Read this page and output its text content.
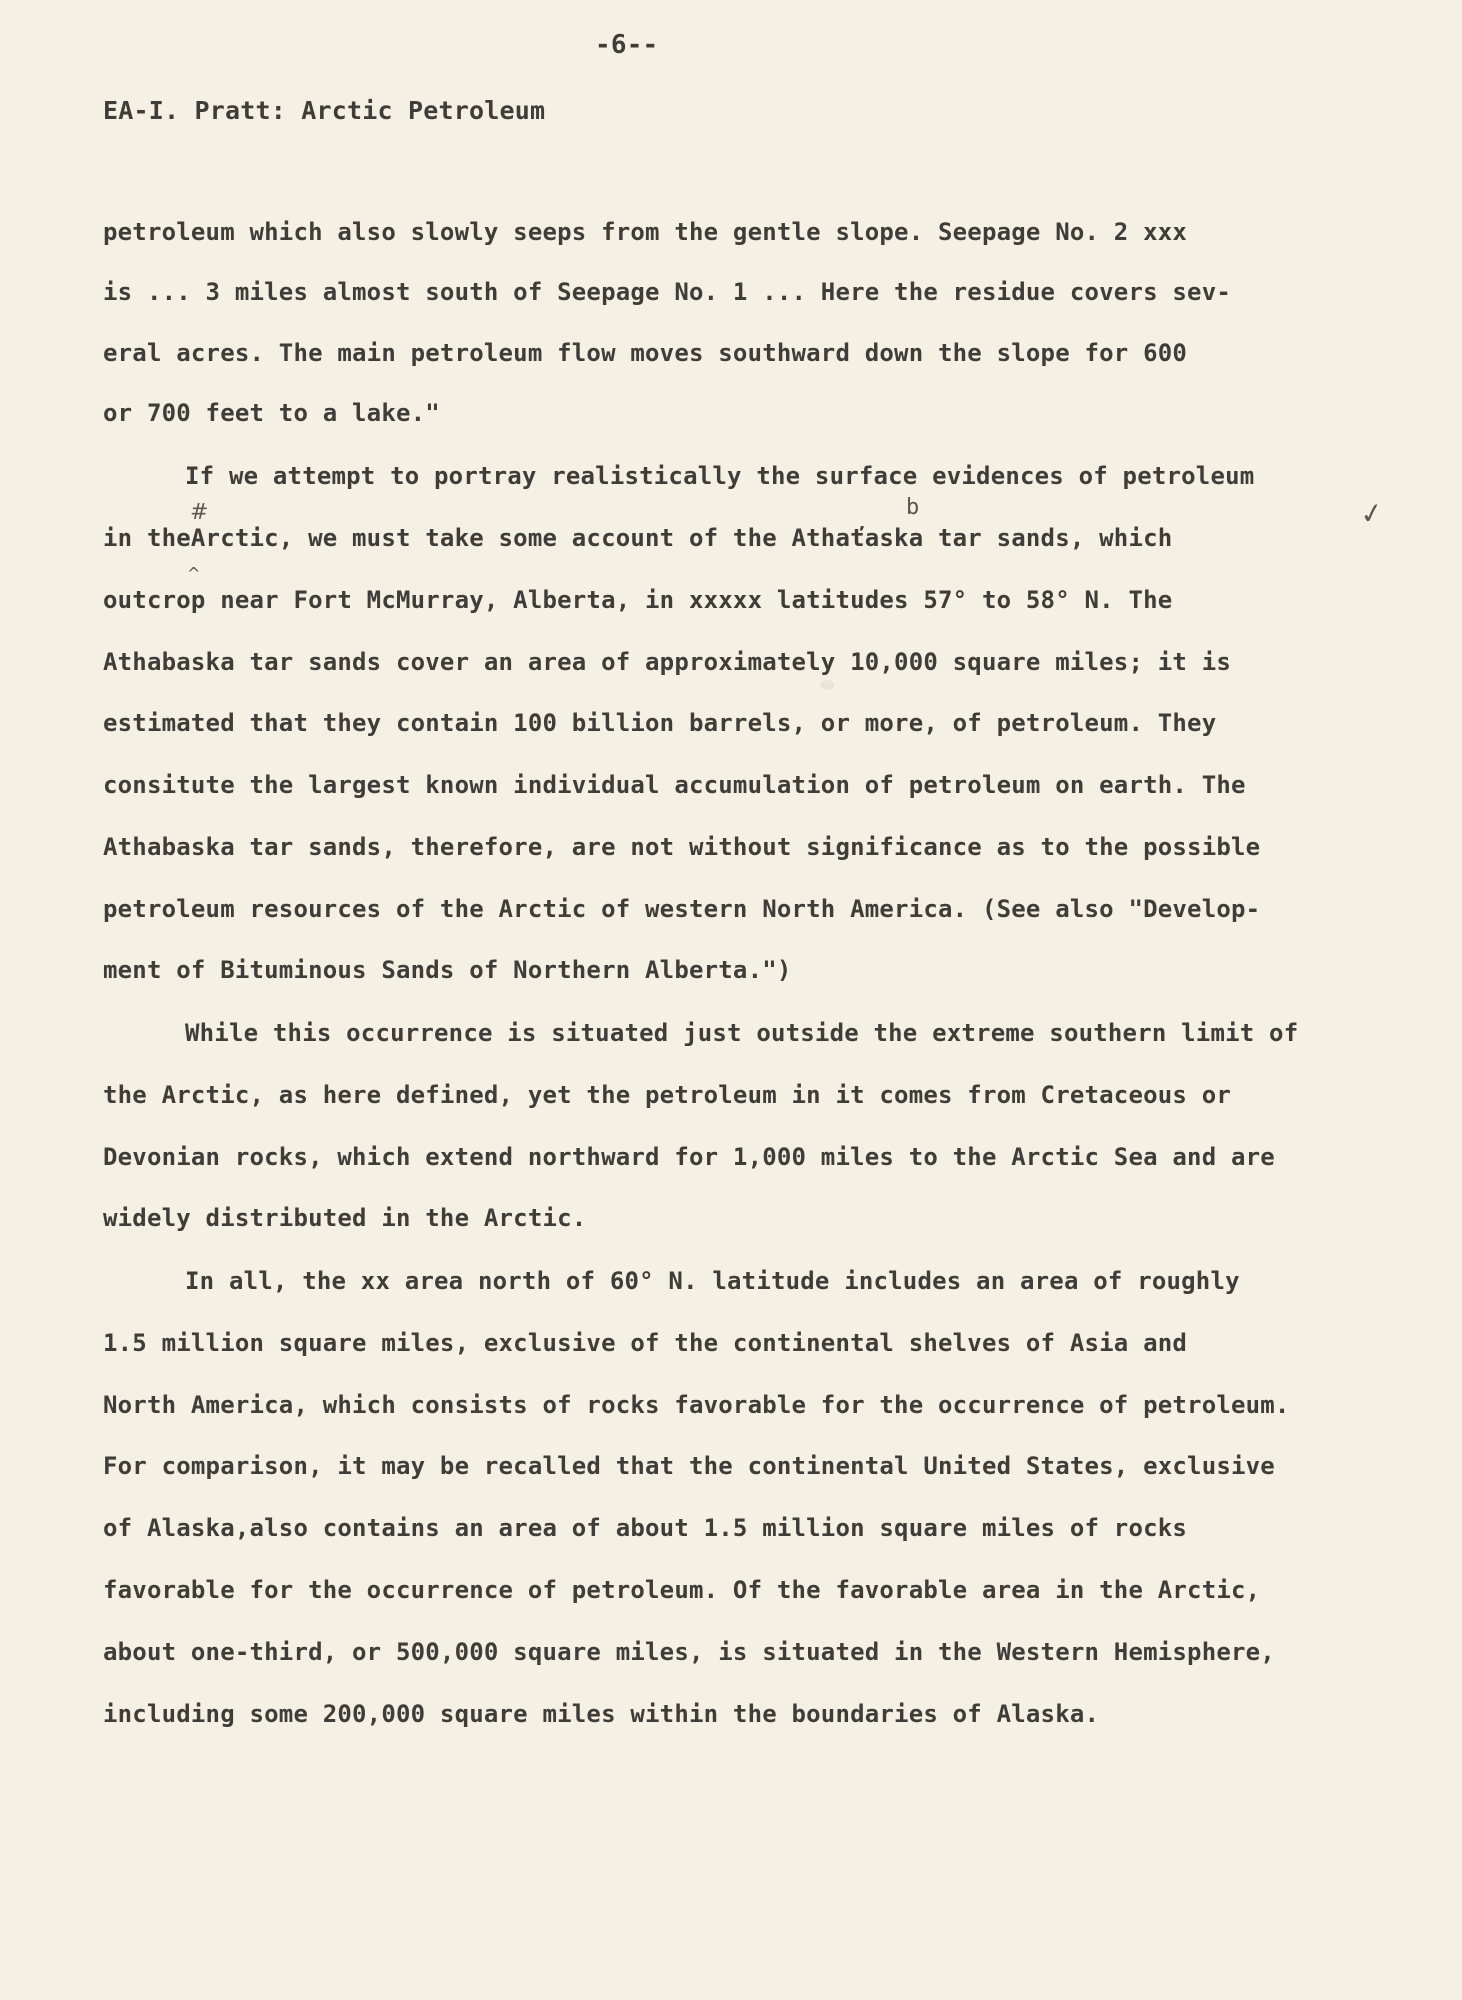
-6--
EA-I. Pratt: Arctic Petroleum
petroleum which also slowly seeps from the gentle slope. Seepage No. 2 xxx
is ... 3 miles almost south of Seepage No. 1 ... Here the residue covers sev-
eral acres. The main petroleum flow moves southward down the slope for 600
or 700 feet to a lake."
If we attempt to portray realistically the surface evidences of petroleum
in theArctic, we must take some account of the Athaťaska tar sands, which
outcrop near Fort McMurray, Alberta, in xxxxx latitudes 57° to 58° N. The
Athabaska tar sands cover an area of approximately 10,000 square miles; it is
estimated that they contain 100 billion barrels, or more, of petroleum. They
consitute the largest known individual accumulation of petroleum on earth. The
Athabaska tar sands, therefore, are not without significance as to the possible
petroleum resources of the Arctic of western North America. (See also "Develop-
ment of Bituminous Sands of Northern Alberta.")
While this occurrence is situated just outside the extreme southern limit of
the Arctic, as here defined, yet the petroleum in it comes from Cretaceous or
Devonian rocks, which extend northward for 1,000 miles to the Arctic Sea and are
widely distributed in the Arctic.
In all, the xx area north of 60° N. latitude includes an area of roughly
1.5 million square miles, exclusive of the continental shelves of Asia and
North America, which consists of rocks favorable for the occurrence of petroleum.
For comparison, it may be recalled that the continental United States, exclusive
of Alaska,also contains an area of about 1.5 million square miles of rocks
favorable for the occurrence of petroleum. Of the favorable area in the Arctic,
about one-third, or 500,000 square miles, is situated in the Western Hemisphere,
including some 200,000 square miles within the boundaries of Alaska.
#
^
b	✓
